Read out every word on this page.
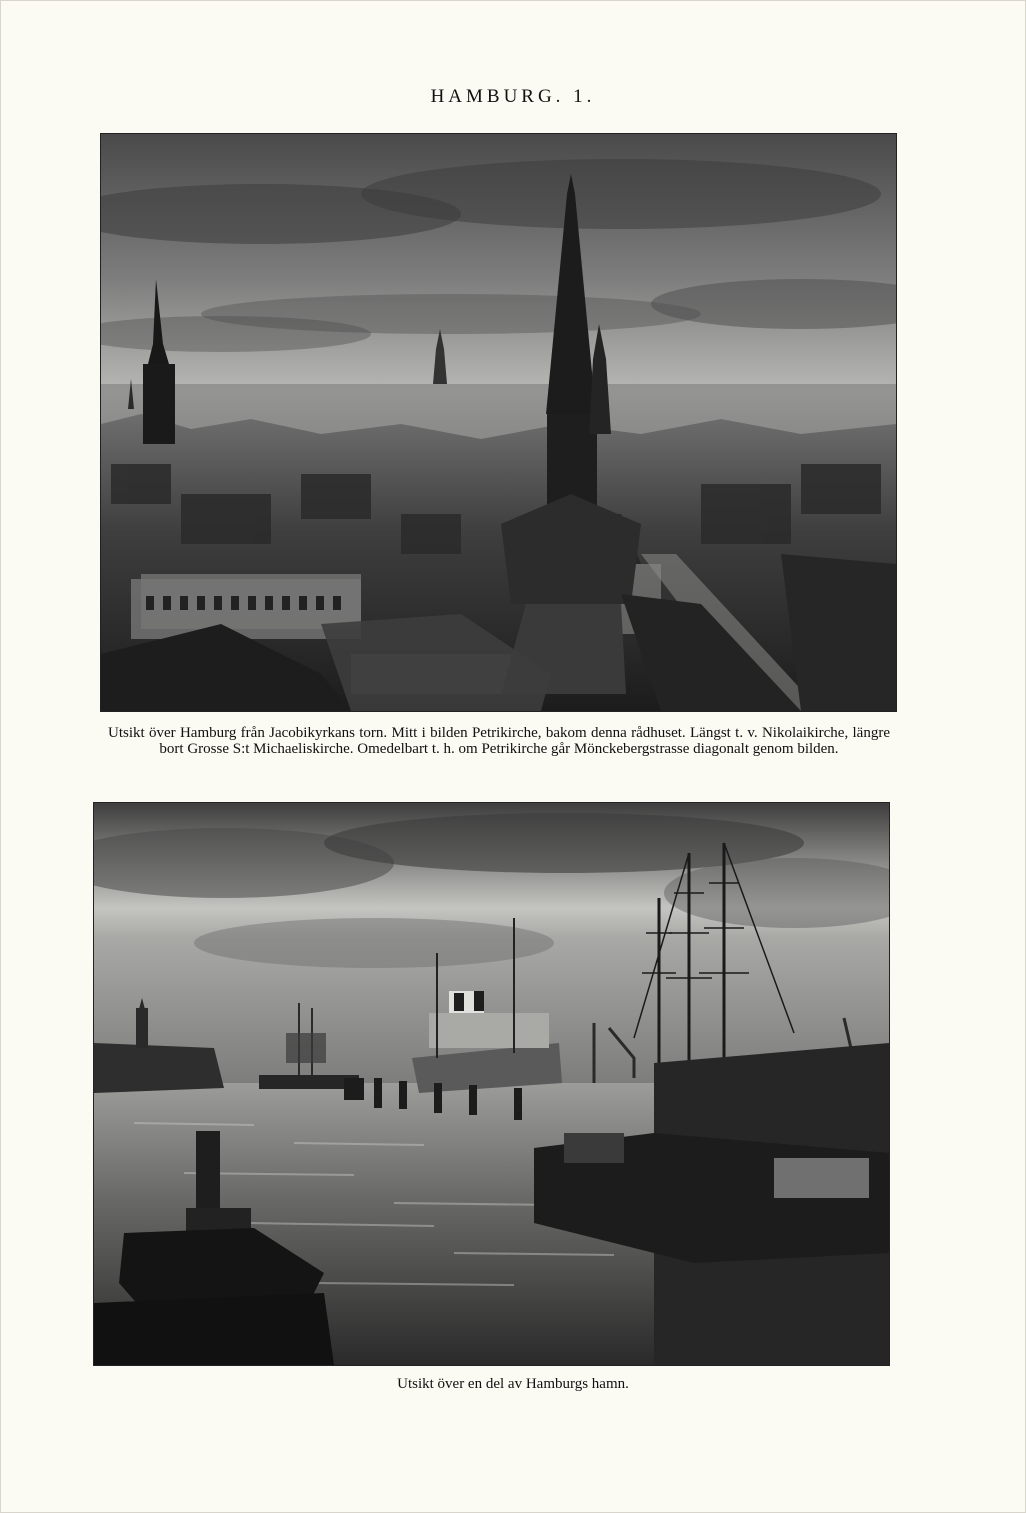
HAMBURG. 1.
Utsikt över Hamburg från Jacobikyrkans torn. Mitt i bilden Petrikirche, bakom denna rådhuset. Längst t. v. Nikolaikirche, längre bort Grosse S:t Michaeliskirche. Omedelbart t. h. om Petrikirche går Mönckebergstrasse diagonalt genom bilden.
Utsikt över en del av Hamburgs hamn.
